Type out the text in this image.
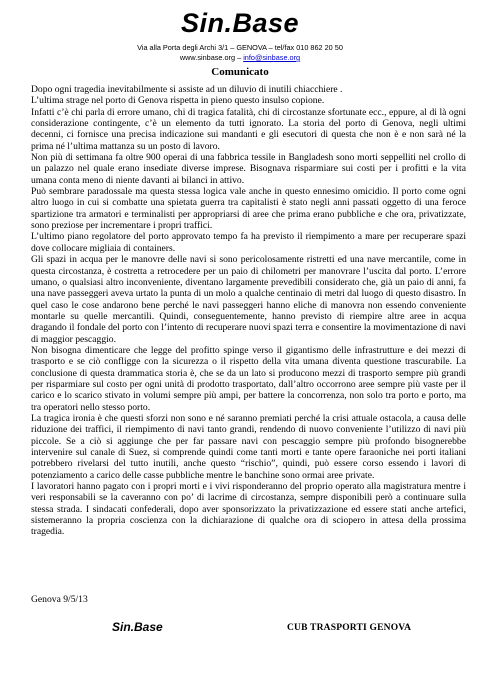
Sin.Base
Via alla Porta degli Archi 3/1 – GENOVA – tel/fax 010 862 20 50
www.sinbase.org – info@sinbase.org
Comunicato

Dopo ogni tragedia inevitabilmente si assiste ad un diluvio di inutili chiacchiere .

L’ultima strage nel porto di Genova rispetta in pieno questo insulso copione.

Infatti c’è chi parla di errore umano, chi di tragica fatalità, chi di circostanze sfortunate ecc., eppure, al di là ogni considerazione contingente, c’è un elemento da tutti ignorato. La storia del porto di Genova, negli ultimi decenni, ci fornisce una precisa indicazione sui mandanti e gli esecutori di questa che non è e non sarà né la prima né l’ultima mattanza su un posto di lavoro.

Non più di settimana fa oltre 900 operai di una fabbrica tessile in Bangladesh sono morti seppelliti nel crollo di un palazzo nel quale erano insediate diverse imprese. Bisognava risparmiare sui costi per i profitti e la vita umana conta meno di niente davanti ai bilanci in attivo.

Può sembrare paradossale ma questa stessa logica vale anche in questo ennesimo omicidio. Il porto come ogni altro luogo in cui si combatte una spietata guerra tra capitalisti è stato negli anni passati oggetto di una feroce spartizione tra armatori e terminalisti per appropriarsi di aree che prima erano pubbliche e che ora, privatizzate, sono preziose per incrementare i propri traffici.

L’ultimo piano regolatore del porto approvato tempo fa ha previsto il riempimento a mare per recuperare spazi dove collocare migliaia di containers.

Gli spazi in acqua per le manovre delle navi si sono pericolosamente ristretti ed una nave mercantile, come in questa circostanza, è costretta a retrocedere per un paio di chilometri per manovrare l’uscita dal porto. L’errore umano, o qualsiasi altro inconveniente, diventano largamente prevedibili considerato che, già un paio di anni, fa una nave passeggeri aveva urtato la punta di un molo a qualche centinaio di metri dal luogo di questo disastro. In quel caso le cose andarono bene perché le navi passeggeri hanno eliche di manovra non essendo conveniente montarle su quelle mercantili. Quindi, conseguentemente, hanno previsto di riempire altre aree in acqua dragando il fondale del porto con l’intento di recuperare nuovi spazi terra e consentire la movimentazione di navi di maggior pescaggio.

Non bisogna dimenticare che legge del profitto spinge verso il gigantismo delle infrastrutture e dei mezzi di trasporto e se ciò confligge con la sicurezza o il rispetto della vita umana diventa questione trascurabile. La conclusione di questa drammatica storia è, che se da un lato si producono mezzi di trasporto sempre più grandi per risparmiare sul costo per ogni unità di prodotto trasportato, dall’altro occorrono aree sempre più vaste per il carico e lo scarico stivato in volumi sempre più ampi, per battere la concorrenza, non solo tra porto e porto, ma tra operatori nello stesso porto.

La tragica ironia è che questi sforzi non sono e né saranno premiati perché la crisi attuale ostacola, a causa delle riduzione dei traffici, il riempimento di navi tanto grandi, rendendo di nuovo conveniente l’utilizzo di navi più piccole. Se a ciò si aggiunge che per far passare navi con pescaggio sempre più profondo bisognerebbe intervenire sul canale di Suez, si comprende quindi come tanti morti e tante opere faraoniche nei porti italiani potrebbero rivelarsi del tutto inutili, anche questo “rischio”, quindi, può essere corso essendo i lavori di potenziamento a carico delle casse pubbliche mentre le banchine sono ormai aree private.

I lavoratori hanno pagato con i propri morti e i vivi risponderanno del proprio operato alla magistratura mentre i veri responsabili se la caveranno con po’ di lacrime di circostanza, sempre disponibili però a continuare sulla stessa strada. I sindacati confederali, dopo aver sponsorizzato la privatizzazione ed essere stati anche artefici, sistemeranno la propria coscienza con la dichiarazione di qualche ora di sciopero in attesa della prossima tragedia.

Genova 9/5/13
Sin.Base	CUB TRASPORTI GENOVA
